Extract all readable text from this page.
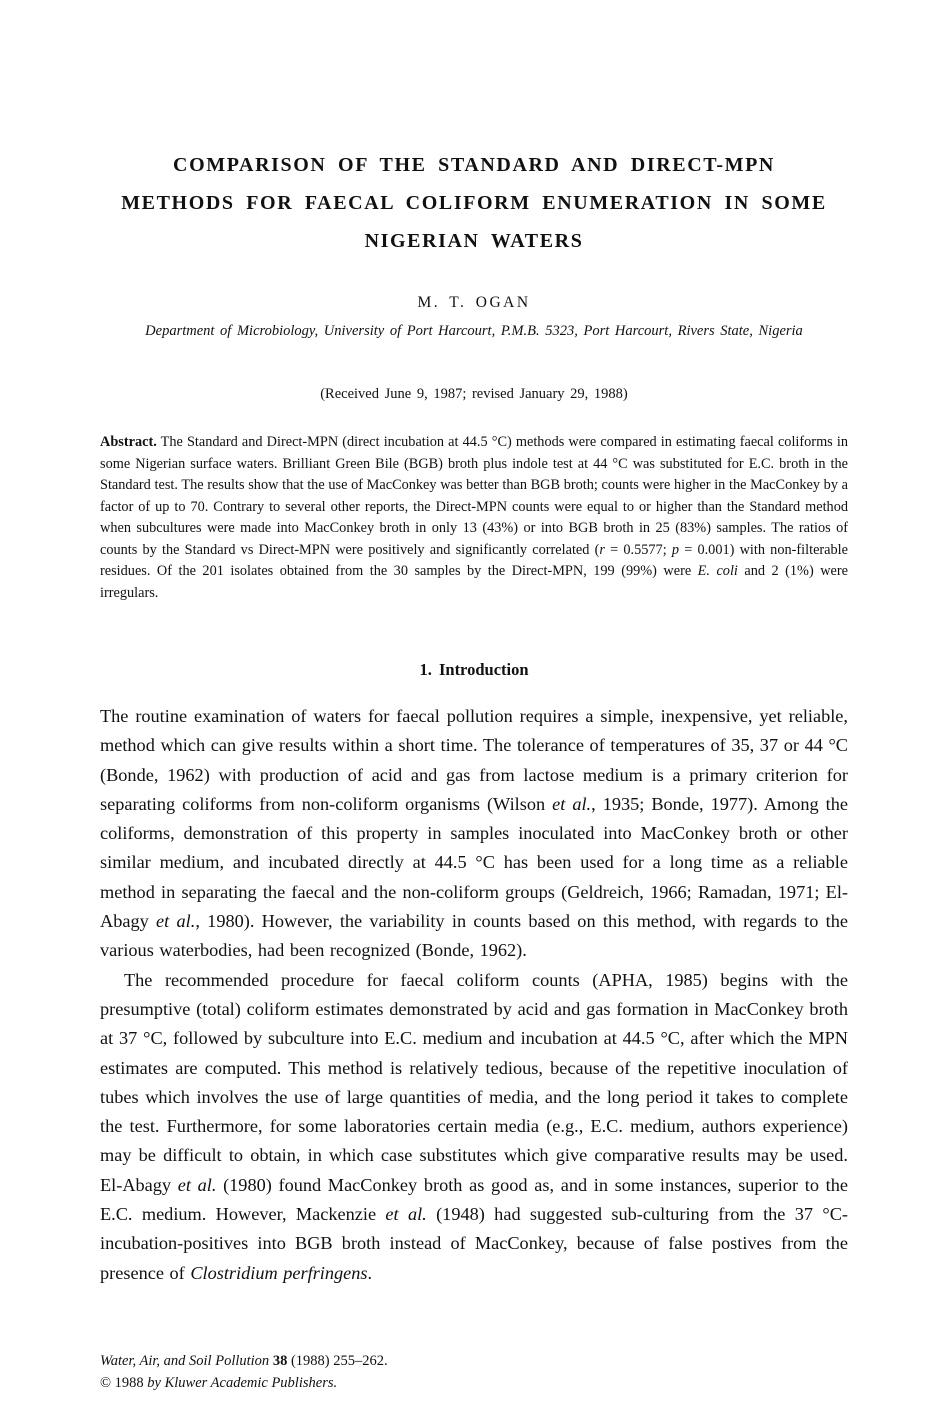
COMPARISON OF THE STANDARD AND DIRECT-MPN
METHODS FOR FAECAL COLIFORM ENUMERATION IN SOME
NIGERIAN WATERS
M. T. OGAN
Department of Microbiology, University of Port Harcourt, P.M.B. 5323, Port Harcourt, Rivers State, Nigeria
(Received June 9, 1987; revised January 29, 1988)
Abstract. The Standard and Direct-MPN (direct incubation at 44.5 °C) methods were compared in estimating faecal coliforms in some Nigerian surface waters. Brilliant Green Bile (BGB) broth plus indole test at 44 °C was substituted for E.C. broth in the Standard test. The results show that the use of MacConkey was better than BGB broth; counts were higher in the MacConkey by a factor of up to 70. Contrary to several other reports, the Direct-MPN counts were equal to or higher than the Standard method when subcultures were made into MacConkey broth in only 13 (43%) or into BGB broth in 25 (83%) samples. The ratios of counts by the Standard vs Direct-MPN were positively and significantly correlated (r = 0.5577; p = 0.001) with non-filterable residues. Of the 201 isolates obtained from the 30 samples by the Direct-MPN, 199 (99%) were E. coli and 2 (1%) were irregulars.
1. Introduction

The routine examination of waters for faecal pollution requires a simple, inexpensive, yet reliable, method which can give results within a short time. The tolerance of temperatures of 35, 37 or 44 °C (Bonde, 1962) with production of acid and gas from lactose medium is a primary criterion for separating coliforms from non-coliform organisms (Wilson et al., 1935; Bonde, 1977). Among the coliforms, demonstration of this property in samples inoculated into MacConkey broth or other similar medium, and incubated directly at 44.5 °C has been used for a long time as a reliable method in separating the faecal and the non-coliform groups (Geldreich, 1966; Ramadan, 1971; El-Abagy et al., 1980). However, the variability in counts based on this method, with regards to the various waterbodies, had been recognized (Bonde, 1962).

The recommended procedure for faecal coliform counts (APHA, 1985) begins with the presumptive (total) coliform estimates demonstrated by acid and gas formation in MacConkey broth at 37 °C, followed by subculture into E.C. medium and incubation at 44.5 °C, after which the MPN estimates are computed. This method is relatively tedious, because of the repetitive inoculation of tubes which involves the use of large quantities of media, and the long period it takes to complete the test. Furthermore, for some laboratories certain media (e.g., E.C. medium, authors experience) may be difficult to obtain, in which case substitutes which give comparative results may be used. El-Abagy et al. (1980) found MacConkey broth as good as, and in some instances, superior to the E.C. medium. However, Mackenzie et al. (1948) had suggested sub-culturing from the 37 °C-incubation-positives into BGB broth instead of MacConkey, because of false postives from the presence of Clostridium perfringens.

Water, Air, and Soil Pollution 38 (1988) 255–262.
© 1988 by Kluwer Academic Publishers.
